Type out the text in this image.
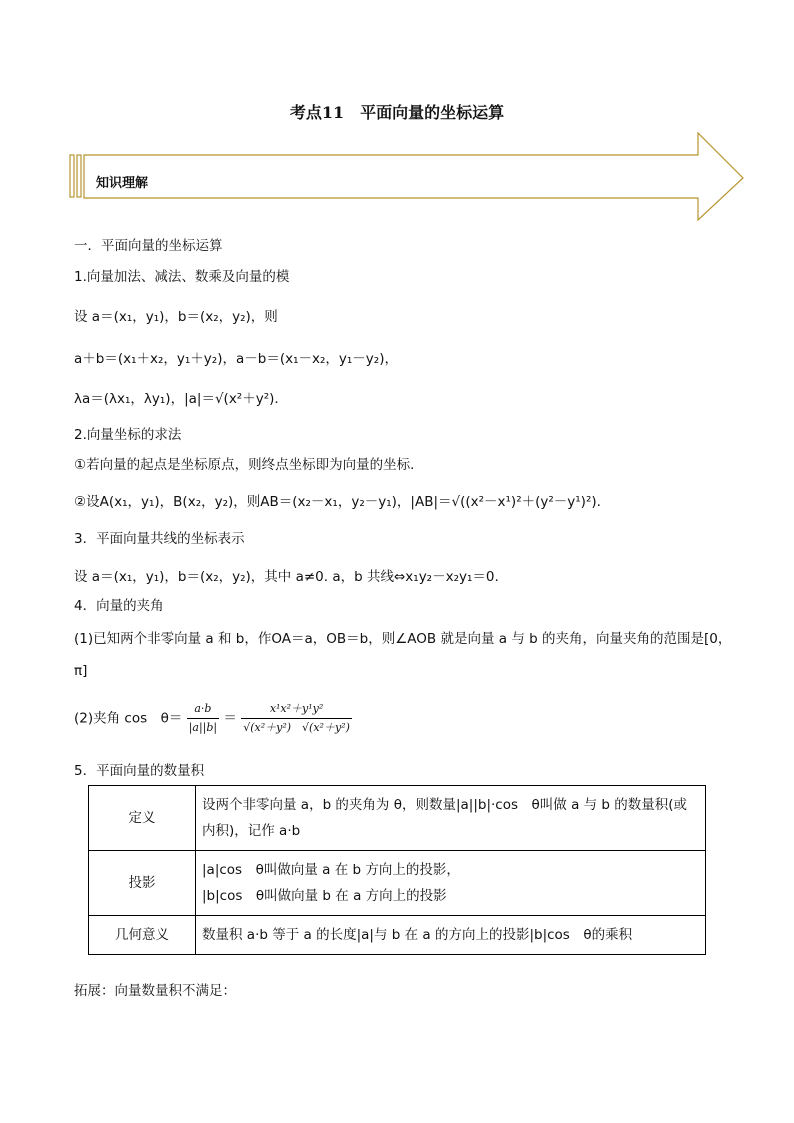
考点11　平面向量的坐标运算
知识理解
一．平面向量的坐标运算
1.向量加法、减法、数乘及向量的模
设 a＝(x₁，y₁)，b＝(x₂，y₂)，则
a＋b＝(x₁＋x₂，y₁＋y₂)，a－b＝(x₁－x₂，y₁－y₂)，
λa＝(λx₁，λy₁)，|a|＝√(x²＋y²).
2.向量坐标的求法
①若向量的起点是坐标原点，则终点坐标即为向量的坐标.
②设A(x₁，y₁)，B(x₂，y₂)，则AB＝(x₂－x₁，y₂－y₁)，|AB|＝√((x²－x¹)²＋(y²－y¹)²).
3．平面向量共线的坐标表示
设 a＝(x₁，y₁)，b＝(x₂，y₂)，其中 a≠0. a，b 共线⇔x₁y₂－x₂y₁＝0.
4．向量的夹角
(1)已知两个非零向量 a 和 b，作OA＝a，OB＝b，则∠AOB 就是向量 a 与 b 的夹角，向量夹角的范围是[0，
π]
(2)夹角 cos　$\theta= \frac{a\cdot b}{|a||b|} = \frac{\text{x¹x²＋y¹y²}}{\text{√(x²＋y²)　√(x²＋y²)}}$
5．平面向量的数量积
定义	设两个非零向量 a，b 的夹角为 θ，则数量|a||b|·cos　θ叫做 a 与 b 的数量积(或内积)，记作 a·b
投影	|a|cos　θ叫做向量 a 在 b 方向上的投影，
|b|cos　θ叫做向量 b 在 a 方向上的投影

几何意义	数量积 a·b 等于 a 的长度|a|与 b 在 a 的方向上的投影|b|cos　θ的乘积
拓展：向量数量积不满足：
